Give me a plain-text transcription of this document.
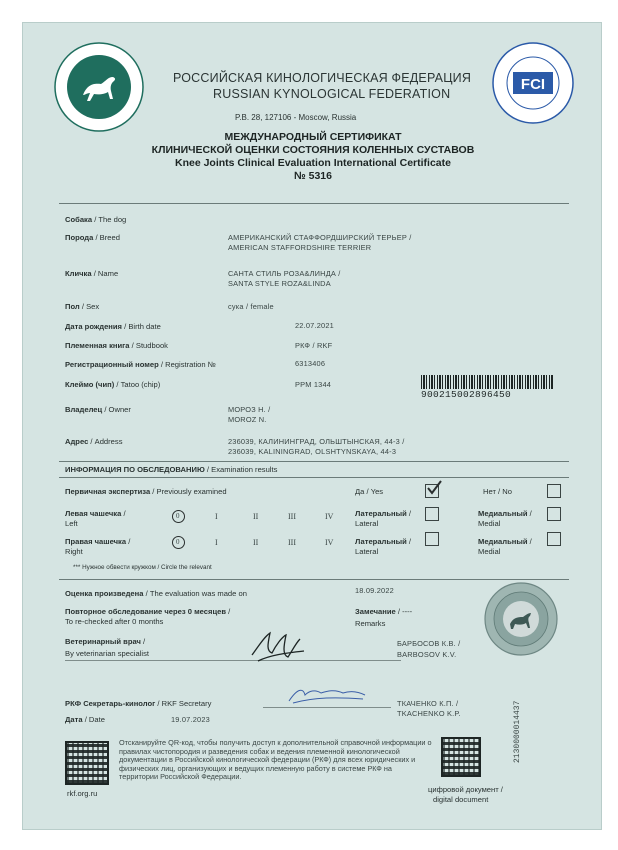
РОССИЙСКАЯ КИНОЛОГИЧЕСКАЯ ФЕДЕРАЦИЯ
RUSSIAN KYNOLOGICAL FEDERATION
P.B. 28, 127106 - Moscow, Russia
FCI
МЕЖДУНАРОДНЫЙ СЕРТИФИКАТ
КЛИНИЧЕСКОЙ ОЦЕНКИ СОСТОЯНИЯ КОЛЕННЫХ СУСТАВОВ
Knee Joints Clinical Evaluation International Certificate
№ 5316
Собака / The dog
Порода / Breed	АМЕРИКАНСКИЙ СТАФФОРДШИРСКИЙ ТЕРЬЕР /
AMERICAN STAFFORDSHIRE TERRIER
Кличка / Name	САНТА СТИЛЬ РОЗА&ЛИНДА /
SANTA STYLE ROZA&LINDA
Пол / Sex	сука / female
Дата рождения / Birth date	22.07.2021
Племенная книга / Studbook	РКФ / RKF
Регистрационный номер / Registration №	6313406
Клеймо (чип) / Tatoo (chip)	PPM 1344
900215002896450
Владелец / Owner	МОРОЗ Н. /
MOROZ N.
Адрес / Address	236039, КАЛИНИНГРАД, ОЛЬШТЫНСКАЯ, 44-3 /
236039, KALININGRAD, OLSHTYNSKAYA, 44-3
ИНФОРМАЦИЯ ПО ОБСЛЕДОВАНИЮ / Examination results
Первичная экспертиза / Previously examined	Да / Yes	Нет / No
Левая чашечка /
Left
0	I	II	III	IV	Латеральный /
Lateral
Медиальный /
Medial
Правая чашечка /
Right
0	I	II	III	IV	Латеральный /
Lateral
Медиальный /
Medial
*** Нужное обвести кружком / Circle the relevant
Оценка произведена / The evaluation was made on	18.09.2022
Повторное обследование через 0 месяцев /
To re-checked after 0 months
Замечание / ----
Remarks
Ветеринарный врач /
By veterinarian specialist
БАРБОСОВ К.В. /
BARBOSOV K.V.
РКФ Секретарь-кинолог / RKF Secretary	ТКАЧЕНКО К.П. /
TKACHENKO K.P.
Дата / Date	19.07.2023
rkf.org.ru
Отсканируйте QR-код, чтобы получить доступ к дополнительной справочной информации о правилах чистопородия и разведения собак и ведения племенной кинологической документации в Российской кинологической федерации (РКФ) для всех юридических и физических лиц, организующих и ведущих племенную работу в системе РКФ на территории Российской Федерации.
цифровой документ /
digital document
2130000014437
